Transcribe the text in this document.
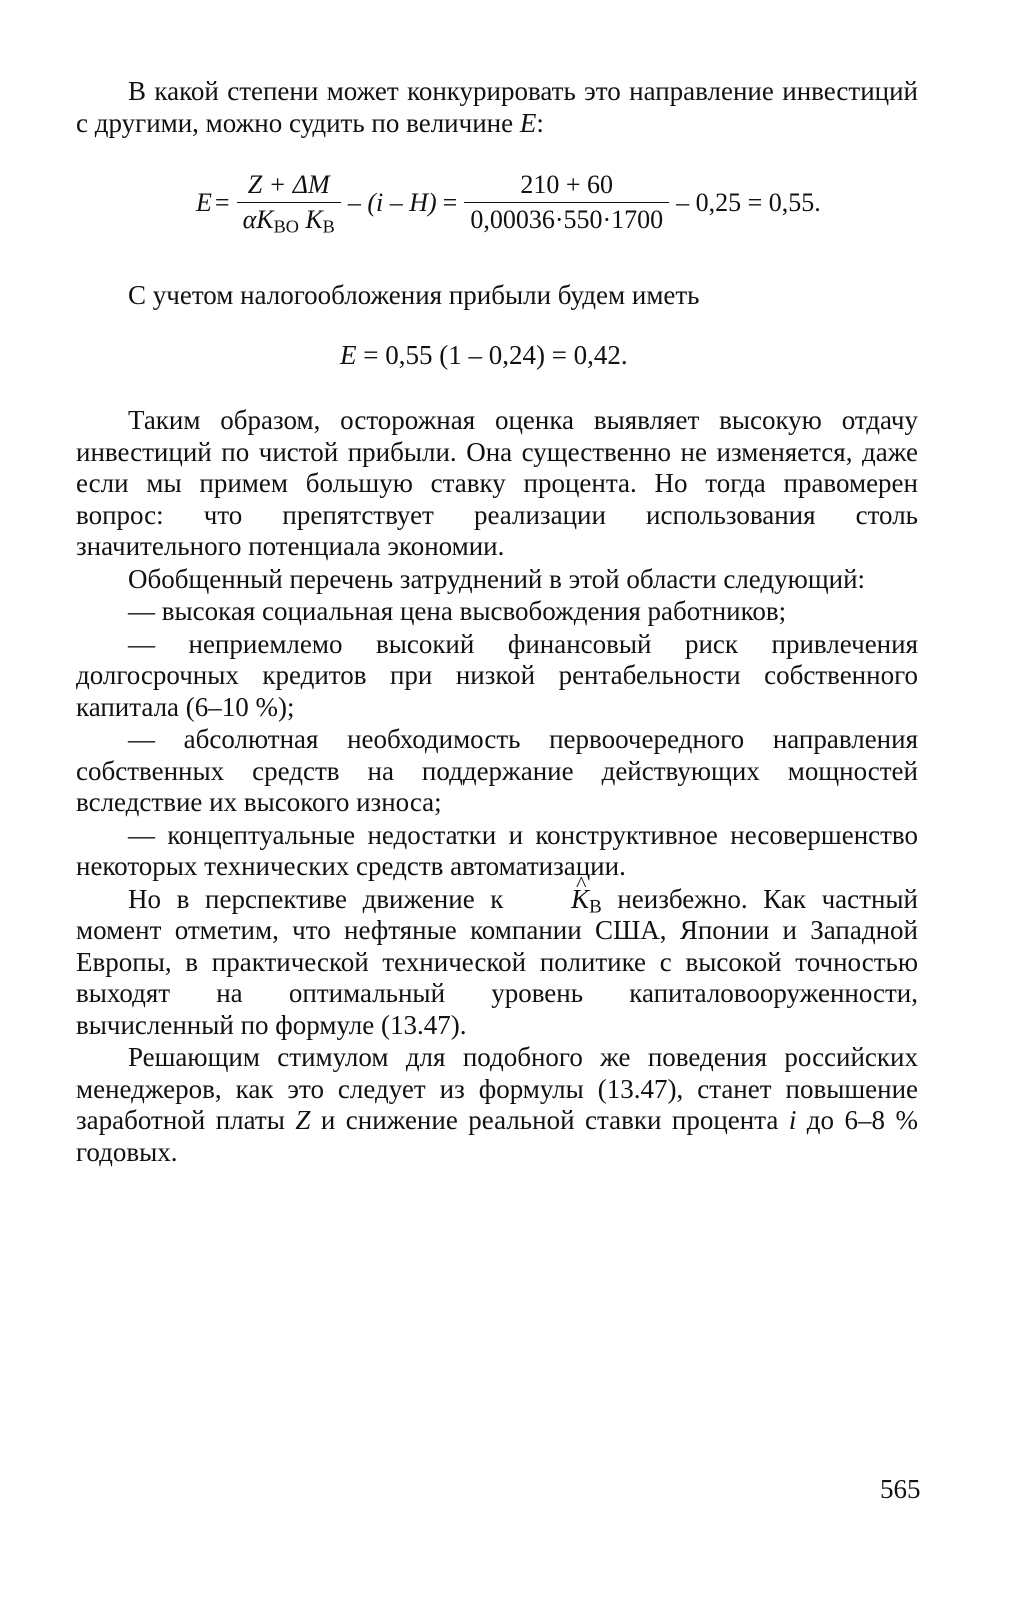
В какой степени может конкурировать это направление инвестиций с другими, можно судить по величине E:

$E = \frac{Z + \Delta M}{\alpha K_{ВО} K_В} - (i - H) = \frac{210 + 60}{0,00036\cdot 550\cdot 1700} - 0,25 = 0,55$.

С учетом налогообложения прибыли будем иметь

E = 0,55 (1 – 0,24) = 0,42.

Таким образом, осторожная оценка выявляет высокую отдачу инвестиций по чистой прибыли. Она существенно не изменяется, даже если мы примем большую ставку процента. Но тогда правомерен вопрос: что препятствует реализации использования столь значительного потенциала экономии.

Обобщенный перечень затруднений в этой области следующий:

— высокая социальная цена высвобождения работников;

— неприемлемо высокий финансовый риск привлечения долгосрочных кредитов при низкой рентабельности собственного капитала (6–10 %);

— абсолютная необходимость первоочередного направления собственных средств на поддержание действующих мощностей вследствие их высокого износа;

— концептуальные недостатки и конструктивное несовершенство некоторых технических средств автоматизации.

Но в перспективе движение к ^ $K_В$ неизбежно. Как частный момент отметим, что нефтяные компании США, Японии и Западной Европы, в практической технической политике с высокой точностью выходят на оптимальный уровень капиталовооруженности, вычисленный по формуле (13.47).

Решающим стимулом для подобного же поведения российских менеджеров, как это следует из формулы (13.47), станет повышение заработной платы Z и снижение реальной ставки процента i до 6–8 % годовых.

565
